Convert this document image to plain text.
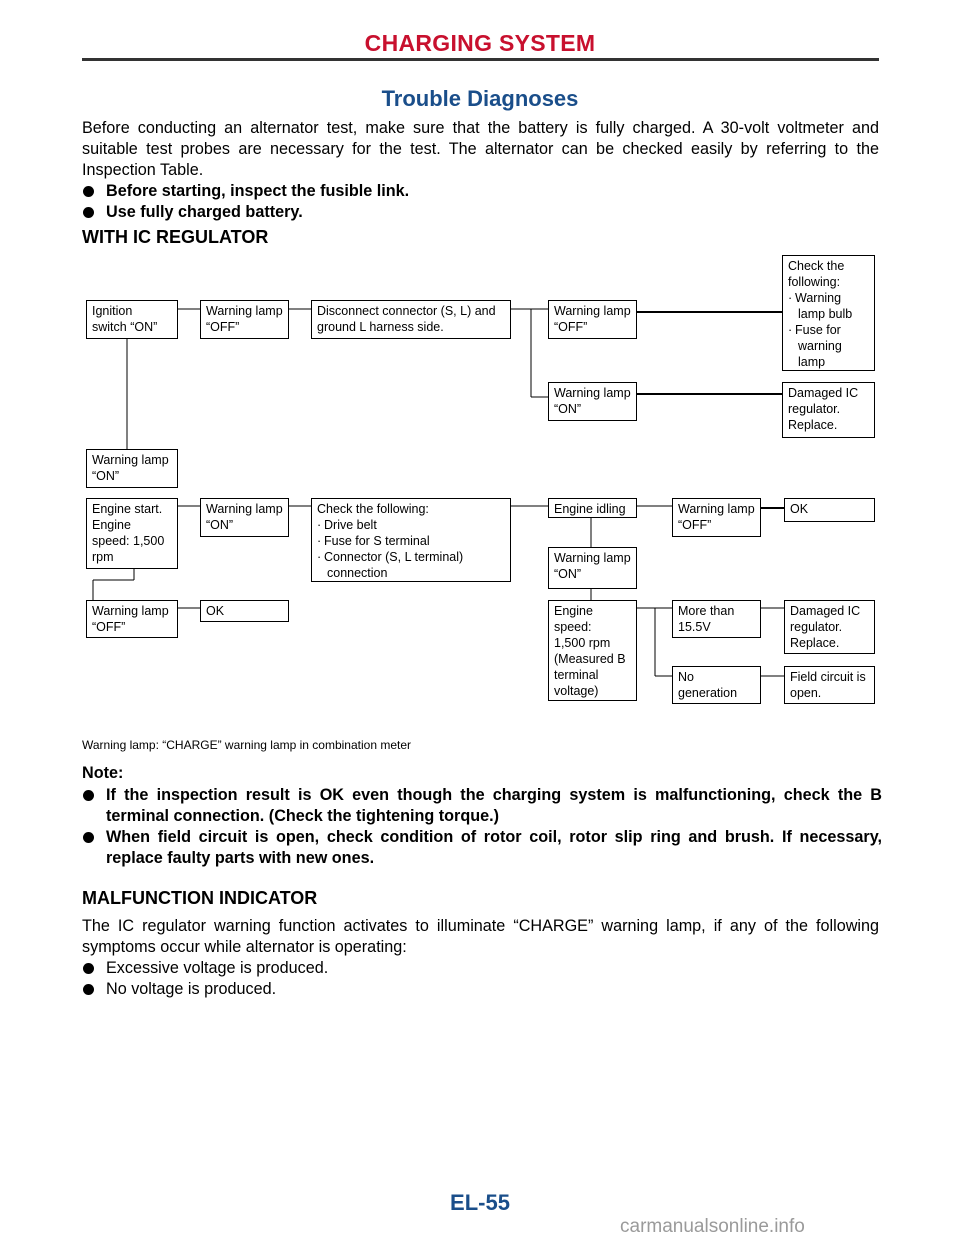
CHARGING SYSTEM
Trouble Diagnoses
Before conducting an alternator test, make sure that the battery is fully charged. A 30-volt voltmeter and suitable test probes are necessary for the test. The alternator can be checked easily by referring to the Inspection Table.
Before starting, inspect the fusible link.
Use fully charged battery.
WITH IC REGULATOR
Ignition
switch “ON”
Warning lamp
“OFF”
Disconnect connector (S, L) and
ground L harness side.
Warning lamp
“OFF”
Check the
following:
· Warning
lamp bulb
· Fuse for
warning
lamp
Warning lamp
“ON”
Damaged IC
regulator.
Replace.
Warning lamp
“ON”
Engine start.
Engine
speed: 1,500
rpm
Warning lamp
“ON”
Check the following:
· Drive belt
· Fuse for S terminal
· Connector (S, L terminal)
connection
Engine idling	Warning lamp
“OFF”
OK
Warning lamp
“ON”
Warning lamp
“OFF”
OK	Engine
speed:
1,500 rpm
(Measured B
terminal
voltage)
More than
15.5V
Damaged IC
regulator.
Replace.
No
generation
Field circuit is
open.
Warning lamp: “CHARGE” warning lamp in combination meter
Note:
If the inspection result is OK even though the charging system is malfunctioning, check the B terminal connection. (Check the tightening torque.)
When field circuit is open, check condition of rotor coil, rotor slip ring and brush. If necessary, replace faulty parts with new ones.
MALFUNCTION INDICATOR
The IC regulator warning function activates to illuminate “CHARGE” warning lamp, if any of the following symptoms occur while alternator is operating:
Excessive voltage is produced.
No voltage is produced.
EL-55
carmanualsonline.info
